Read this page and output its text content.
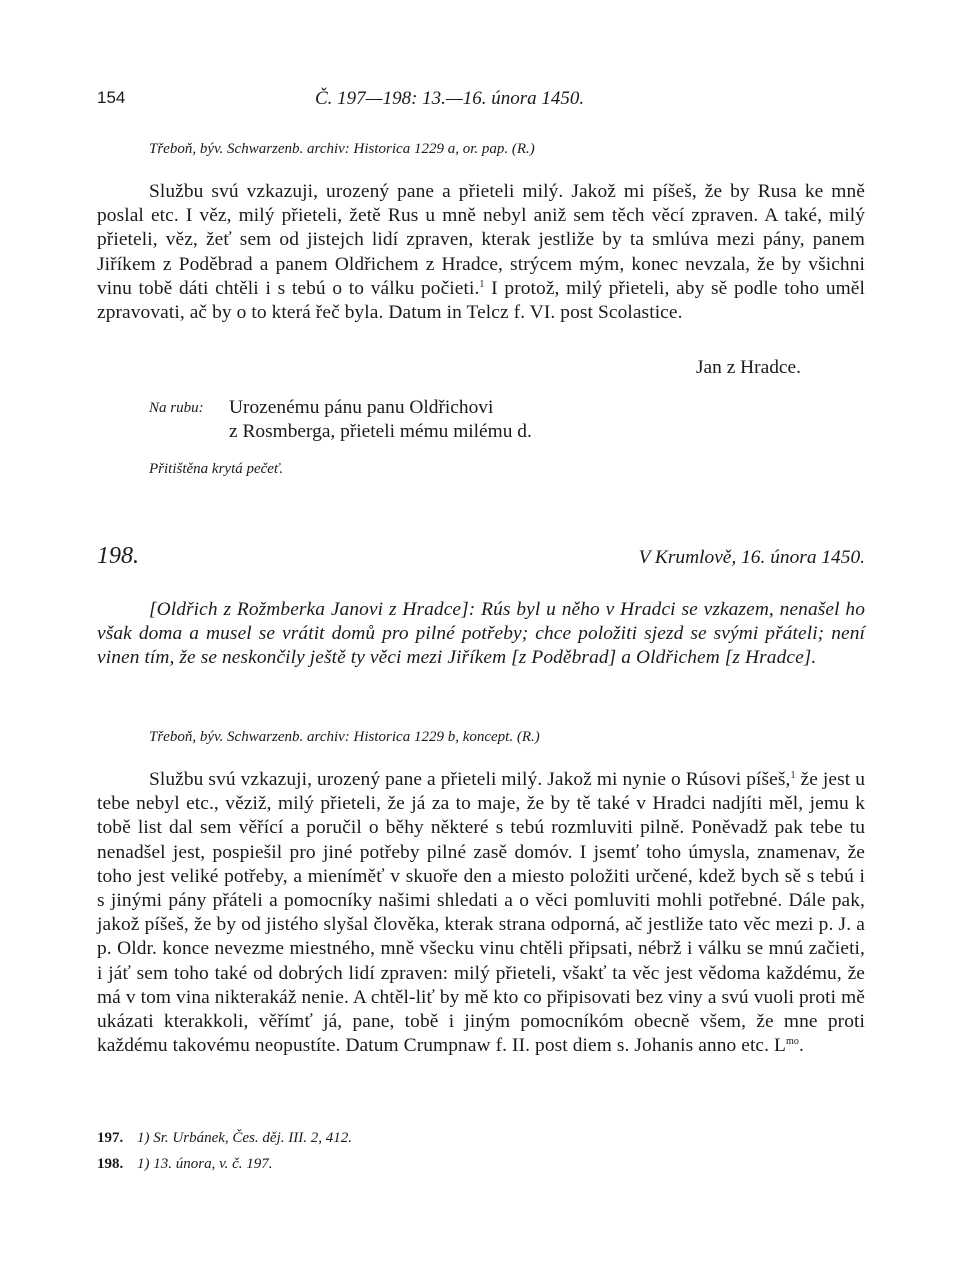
154	Č. 197—198: 13.—16. února 1450.
Třeboň, býv. Schwarzenb. archiv: Historica 1229 a, or. pap. (R.)

Službu svú vzkazuji, urozený pane a přieteli milý. Jakož mi píšeš, že by Rusa ke mně poslal etc. I věz, milý přieteli, žetě Rus u mně nebyl aniž sem těch věcí zpraven. A také, milý přieteli, věz, žeť sem od jistejch lidí zpraven, kterak jestliže by ta smlúva mezi pány, panem Jiříkem z Poděbrad a panem Oldřichem z Hradce, strýcem mým, konec nevzala, že by všichni vinu tobě dáti chtěli i s tebú o to válku počieti.$^1$ I protož, milý přieteli, aby sě podle toho uměl zpravovati, ač by o to která řeč byla. Datum in Telcz f. VI. post Scolastice.

Jan z Hradce.
Na rubu: Urozenému pánu panu Oldřichovi
z Rosmberga, přieteli mému milému d.

Přitištěna krytá pečeť.
198.	V Krumlově, 16. února 1450.

[Oldřich z Rožmberka Janovi z Hradce]: Rús byl u něho v Hradci se vzkazem, nenašel ho však doma a musel se vrátit domů pro pilné potřeby; chce položiti sjezd se svými přáteli; není vinen tím, že se neskončily ještě ty věci mezi Jiříkem [z Poděbrad] a Oldřichem [z Hradce].

Třeboň, býv. Schwarzenb. archiv: Historica 1229 b, koncept. (R.)

Službu svú vzkazuji, urozený pane a přieteli milý. Jakož mi nynie o Rúsovi píšeš,$^1$ že jest u tebe nebyl etc., věziž, milý přieteli, že já za to maje, že by tě také v Hradci nadjíti měl, jemu k tobě list dal sem věřící a poručil o běhy některé s tebú rozmluviti pilně. Poněvadž pak tebe tu nenadšel jest, pospiešil pro jiné potřeby pilné zasě domóv. I jsemť toho úmysla, znamenav, že toho jest veliké potřeby, a mieníměť v skuoře den a miesto položiti určené, kdež bych sě s tebú i s jinými pány přáteli a pomocníky našimi shledati a o věci pomluviti mohli potřebné. Dále pak, jakož píšeš, že by od jistého slyšal člověka, kterak strana odporná, ač jestliže tato věc mezi p. J. a p. Oldr. konce nevezme miestného, mně všecku vinu chtěli připsati, nébrž i válku se mnú začieti, i jáť sem toho také od dobrých lidí zpraven: milý přieteli, všakť ta věc jest vědoma každému, že má v tom vina nikterakáž nenie. A chtěl-liť by mě kto co připisovati bez viny a svú vuoli proti mě ukázati kterakkoli, věřímť já, pane, tobě i jiným pomocníkóm obecně všem, že mne proti každému takovému neopustíte. Datum Crumpnaw f. II. post diem s. Johanis anno etc. $L^{mo}$.

197. 1) Sr. Urbánek, Čes. děj. III. 2, 412.
198. 1) 13. února, v. č. 197.
